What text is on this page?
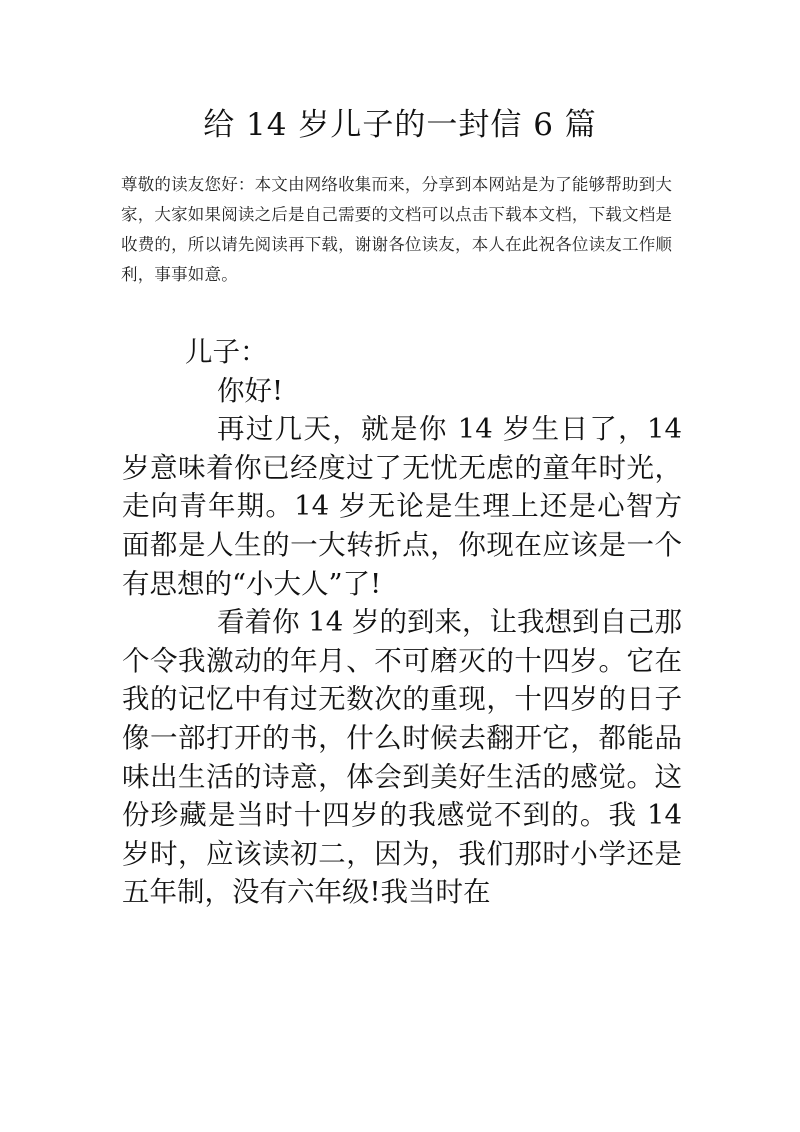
给 14 岁儿子的一封信 6 篇
尊敬的读友您好：本文由网络收集而来，分享到本网站是为了能够帮助到大家，大家如果阅读之后是自己需要的文档可以点击下载本文档，下载文档是收费的，所以请先阅读再下载，谢谢各位读友，本人在此祝各位读友工作顺利，事事如意。

儿子：

你好!

再过几天，就是你 14 岁生日了，14 岁意味着你已经度过了无忧无虑的童年时光，走向青年期。14 岁无论是生理上还是心智方面都是人生的一大转折点，你现在应该是一个有思想的“小大人”了!

看着你 14 岁的到来，让我想到自己那个令我激动的年月、不可磨灭的十四岁。它在我的记忆中有过无数次的重现，十四岁的日子像一部打开的书，什么时候去翻开它，都能品味出生活的诗意，体会到美好生活的感觉。这份珍藏是当时十四岁的我感觉不到的。我 14 岁时，应该读初二，因为，我们那时小学还是五年制，没有六年级!我当时在
